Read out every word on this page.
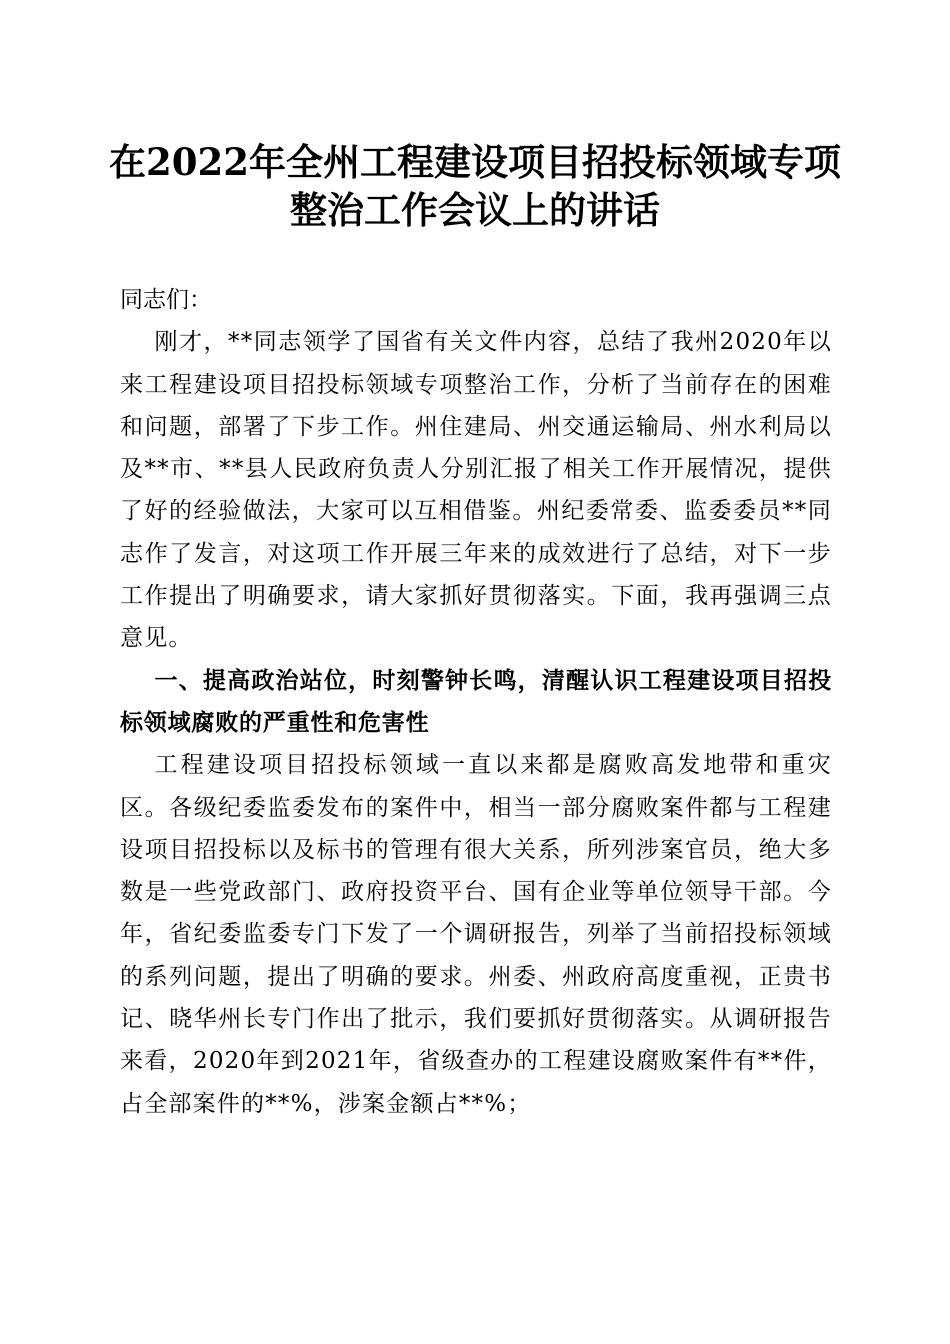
在2022年全州工程建设项目招投标领域专项
整治工作会议上的讲话

同志们：

刚才，**同志领学了国省有关文件内容，总结了我州2020年以来工程建设项目招投标领域专项整治工作，分析了当前存在的困难和问题，部署了下步工作。州住建局、州交通运输局、州水利局以及**市、**县人民政府负责人分别汇报了相关工作开展情况，提供了好的经验做法，大家可以互相借鉴。州纪委常委、监委委员**同志作了发言，对这项工作开展三年来的成效进行了总结，对下一步工作提出了明确要求，请大家抓好贯彻落实。下面，我再强调三点意见。

一、提高政治站位，时刻警钟长鸣，清醒认识工程建设项目招投标领域腐败的严重性和危害性

工程建设项目招投标领域一直以来都是腐败高发地带和重灾区。各级纪委监委发布的案件中，相当一部分腐败案件都与工程建设项目招投标以及标书的管理有很大关系，所列涉案官员，绝大多数是一些党政部门、政府投资平台、国有企业等单位领导干部。今年，省纪委监委专门下发了一个调研报告，列举了当前招投标领域的系列问题，提出了明确的要求。州委、州政府高度重视，正贵书记、晓华州长专门作出了批示，我们要抓好贯彻落实。从调研报告来看，2020年到2021年，省级查办的工程建设腐败案件有**件，占全部案件的**%，涉案金额占**%；
